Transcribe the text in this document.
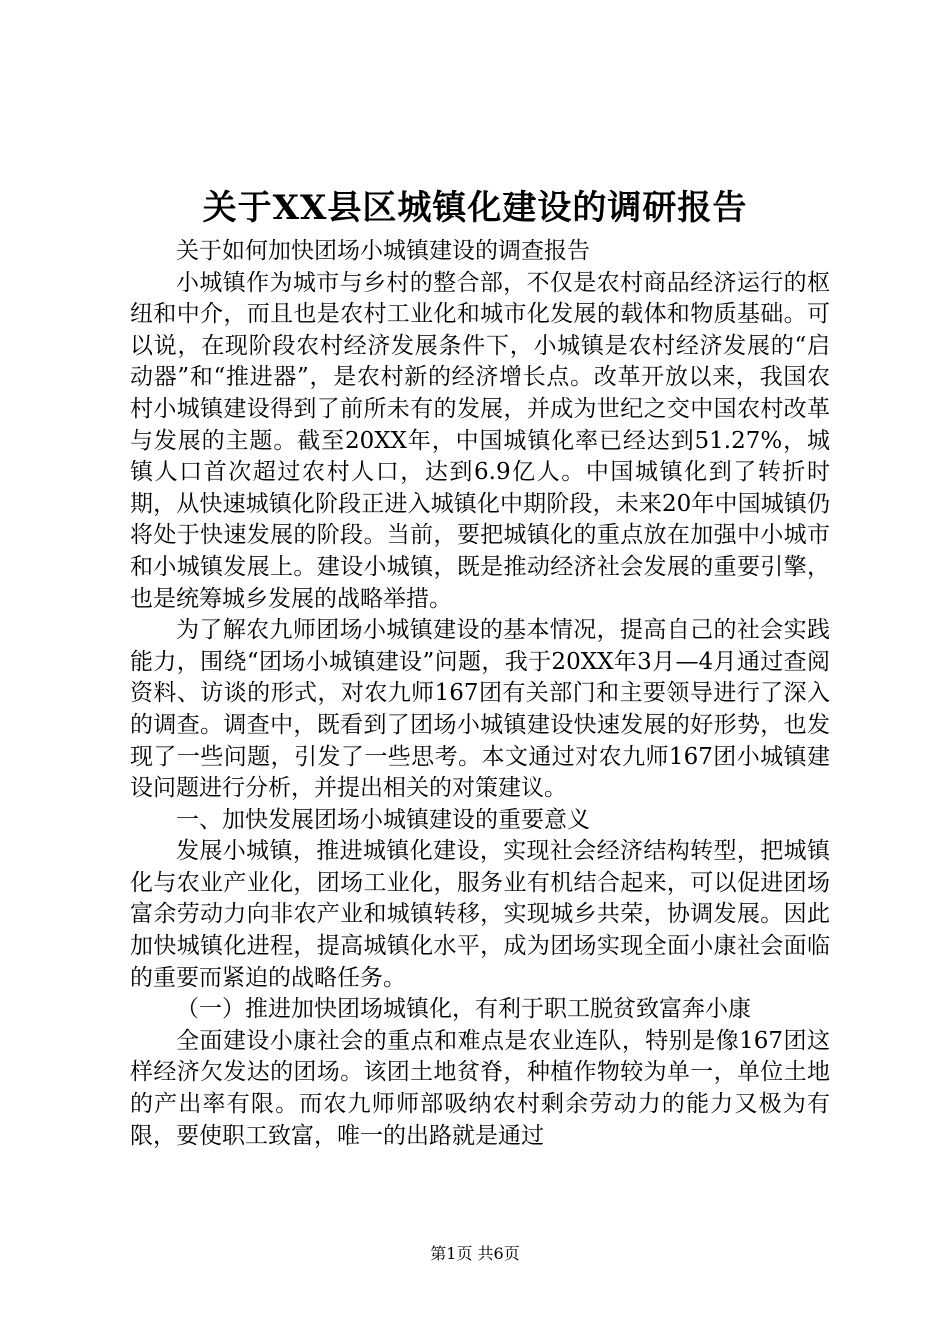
关于XX县区城镇化建设的调研报告

关于如何加快团场小城镇建设的调查报告

小城镇作为城市与乡村的整合部，不仅是农村商品经济运行的枢纽和中介，而且也是农村工业化和城市化发展的载体和物质基础。可以说，在现阶段农村经济发展条件下，小城镇是农村经济发展的“启动器”和“推进器”，是农村新的经济增长点。改革开放以来，我国农村小城镇建设得到了前所未有的发展，并成为世纪之交中国农村改革与发展的主题。截至20XX年，中国城镇化率已经达到51.27%，城镇人口首次超过农村人口，达到6.9亿人。中国城镇化到了转折时期，从快速城镇化阶段正进入城镇化中期阶段，未来20年中国城镇仍将处于快速发展的阶段。当前，要把城镇化的重点放在加强中小城市和小城镇发展上。建设小城镇，既是推动经济社会发展的重要引擎，也是统筹城乡发展的战略举措。

为了解农九师团场小城镇建设的基本情况，提高自己的社会实践能力，围绕“团场小城镇建设”问题，我于20XX年3月—4月通过查阅资料、访谈的形式，对农九师167团有关部门和主要领导进行了深入的调查。调查中，既看到了团场小城镇建设快速发展的好形势，也发现了一些问题，引发了一些思考。本文通过对农九师167团小城镇建设问题进行分析，并提出相关的对策建议。

一、加快发展团场小城镇建设的重要意义

发展小城镇，推进城镇化建设，实现社会经济结构转型，把城镇化与农业产业化，团场工业化，服务业有机结合起来，可以促进团场富余劳动力向非农产业和城镇转移，实现城乡共荣，协调发展。因此加快城镇化进程，提高城镇化水平，成为团场实现全面小康社会面临的重要而紧迫的战略任务。

（一）推进加快团场城镇化，有利于职工脱贫致富奔小康

全面建设小康社会的重点和难点是农业连队，特别是像167团这样经济欠发达的团场。该团土地贫脊，种植作物较为单一，单位土地的产出率有限。而农九师师部吸纳农村剩余劳动力的能力又极为有限，要使职工致富，唯一的出路就是通过

第1页 共6页
